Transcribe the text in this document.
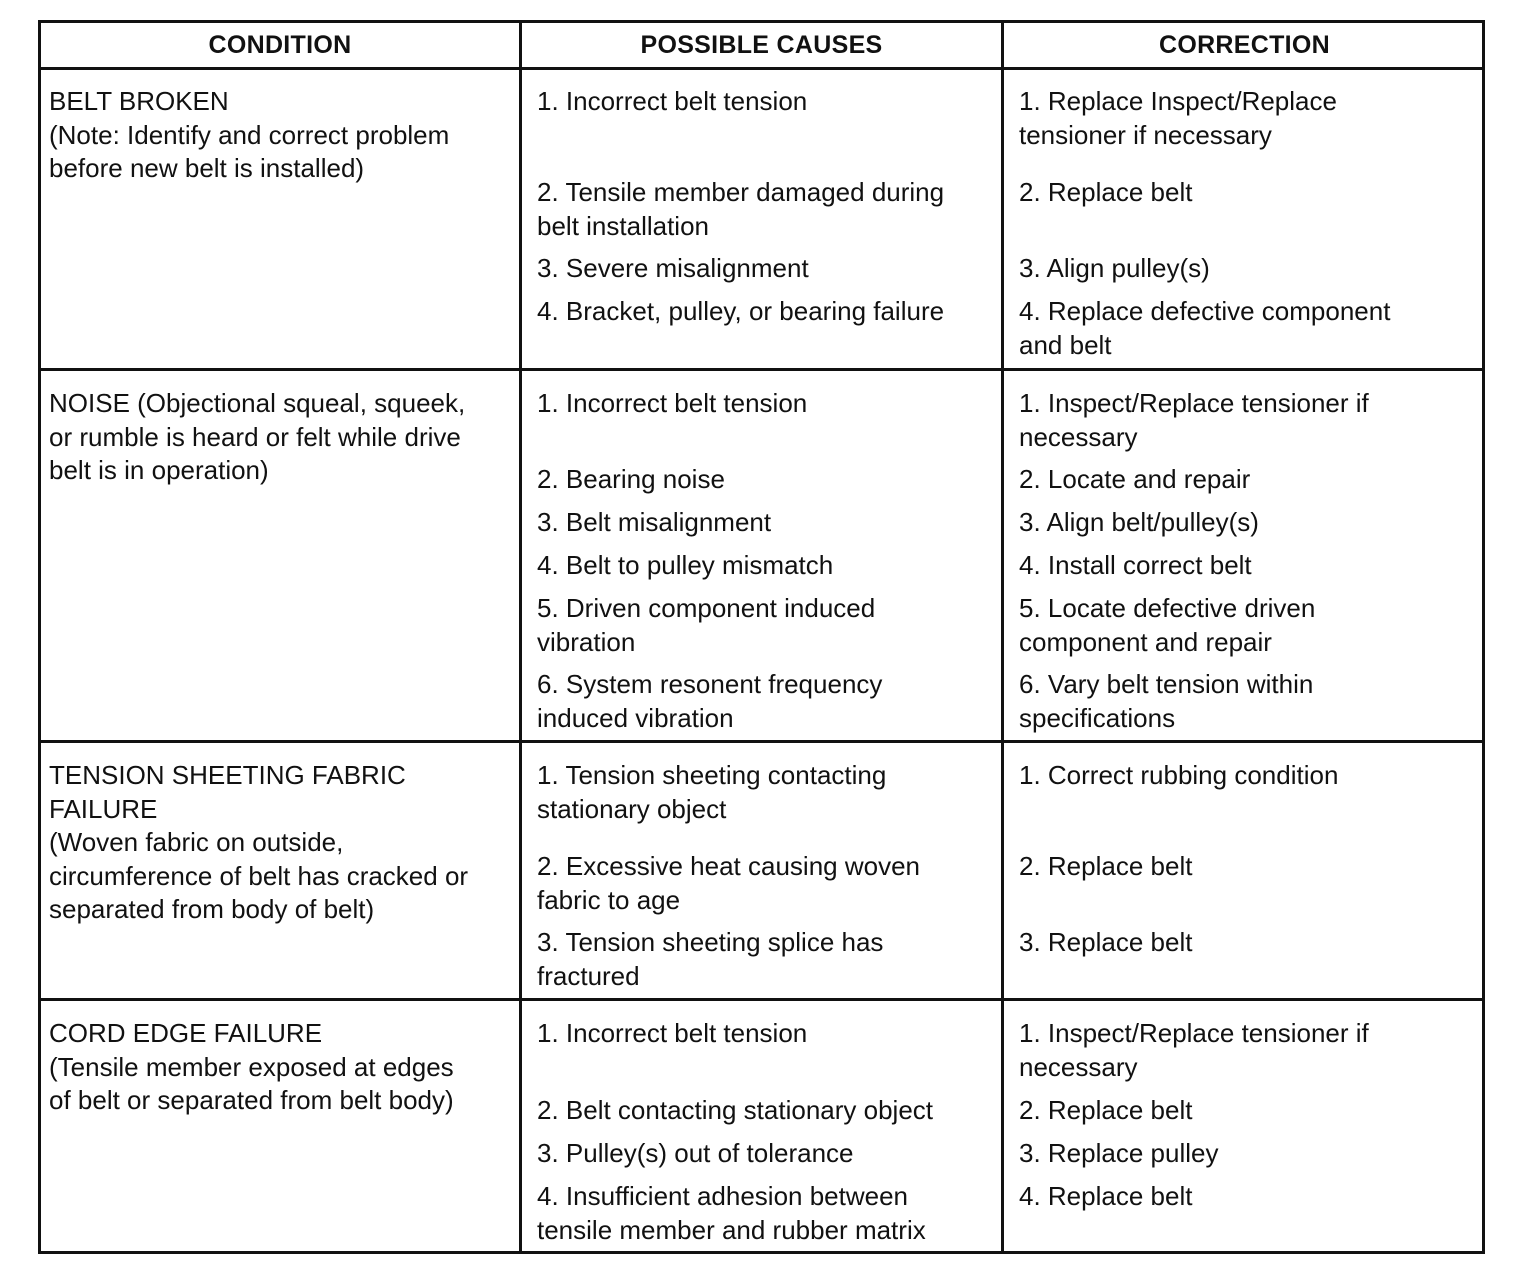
CONDITION	POSSIBLE CAUSES	CORRECTION
BELT BROKEN
(Note: Identify and correct problem
before new belt is installed)
1. Incorrect belt tension
2. Tensile member damaged during
belt installation
3. Severe misalignment
4. Bracket, pulley, or bearing failure
1. Replace Inspect/Replace
tensioner if necessary
2. Replace belt
3. Align pulley(s)
4. Replace defective component
and belt
NOISE (Objectional squeal, squeek,
or rumble is heard or felt while drive
belt is in operation)
1. Incorrect belt tension
2. Bearing noise
3. Belt misalignment
4. Belt to pulley mismatch
5. Driven component induced
vibration
6. System resonent frequency
induced vibration
1. Inspect/Replace tensioner if
necessary
2. Locate and repair
3. Align belt/pulley(s)
4. Install correct belt
5. Locate defective driven
component and repair
6. Vary belt tension within
specifications
TENSION SHEETING FABRIC
FAILURE
(Woven fabric on outside,
circumference of belt has cracked or
separated from body of belt)
1. Tension sheeting contacting
stationary object
2. Excessive heat causing woven
fabric to age
3. Tension sheeting splice has
fractured
1. Correct rubbing condition
2. Replace belt
3. Replace belt
CORD EDGE FAILURE
(Tensile member exposed at edges
of belt or separated from belt body)
1. Incorrect belt tension
2. Belt contacting stationary object
3. Pulley(s) out of tolerance
4. Insufficient adhesion between
tensile member and rubber matrix
1. Inspect/Replace tensioner if
necessary
2. Replace belt
3. Replace pulley
4. Replace belt
